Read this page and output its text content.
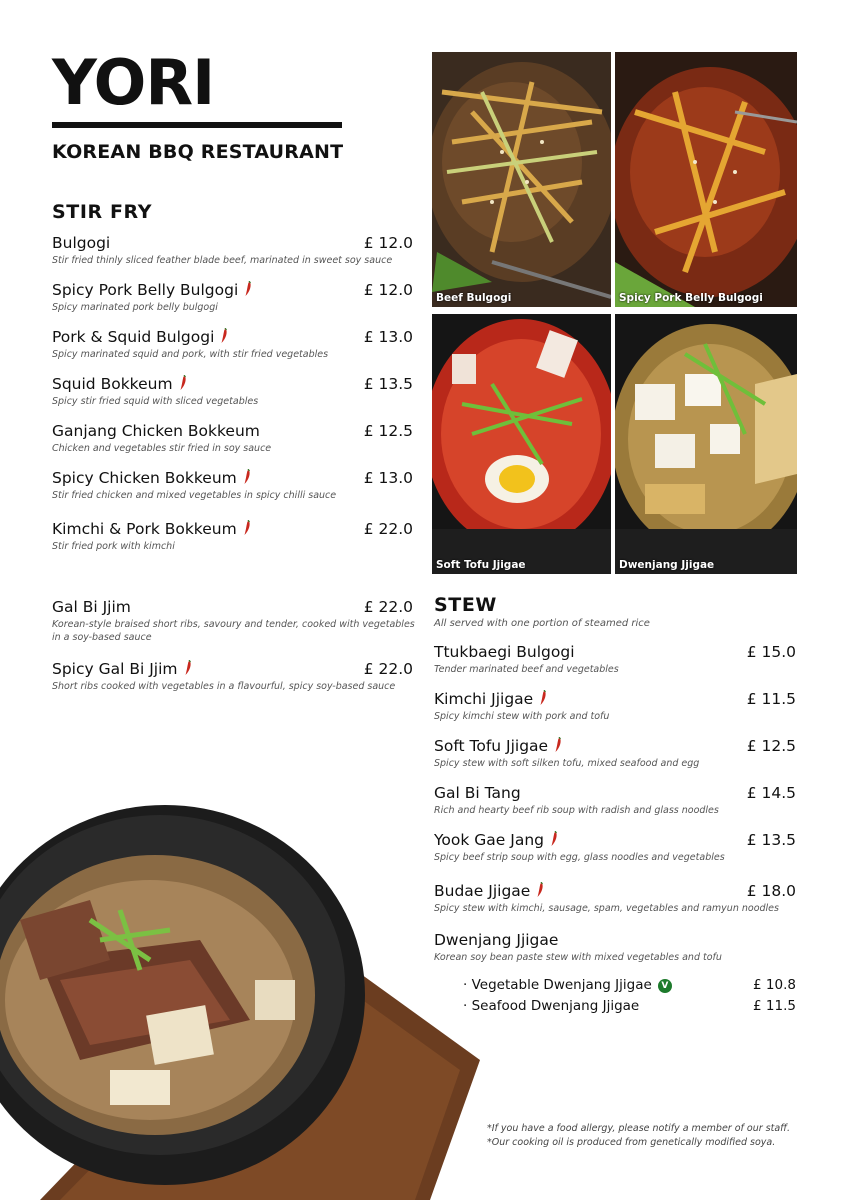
YORI
KOREAN BBQ RESTAURANT
STIR FRY
Bulgogi	£ 12.0
Stir fried thinly sliced feather blade beef, marinated in sweet soy sauce
Spicy Pork Belly Bulgogi	£ 12.0
Spicy marinated pork belly bulgogi
Pork & Squid Bulgogi	£ 13.0
Spicy marinated squid and pork, with stir fried vegetables
Squid Bokkeum	£ 13.5
Spicy stir fried squid with sliced vegetables
Ganjang Chicken Bokkeum	£ 12.5
Chicken and vegetables stir fried in soy sauce
Spicy Chicken Bokkeum	£ 13.0
Stir fried chicken and mixed vegetables in spicy chilli sauce
Kimchi & Pork Bokkeum	£ 22.0
Stir fried pork with kimchi
Gal Bi Jjim	£ 22.0
Korean-style braised short ribs, savoury and tender, cooked with vegetables in a soy-based sauce
Spicy Gal Bi Jjim	£ 22.0
Short ribs cooked with vegetables in a flavourful, spicy soy-based sauce
Beef Bulgogi	Spicy Pork Belly Bulgogi
Soft Tofu Jjigae	Dwenjang Jjigae
STEW
All served with one portion of steamed rice
Ttukbaegi Bulgogi	£ 15.0
Tender marinated beef and vegetables
Kimchi Jjigae	£ 11.5
Spicy kimchi stew with pork and tofu
Soft Tofu Jjigae	£ 12.5
Spicy stew with soft silken tofu, mixed seafood and egg
Gal Bi Tang	£ 14.5
Rich and hearty beef rib soup with radish and glass noodles
Yook Gae Jang	£ 13.5
Spicy beef strip soup with egg, glass noodles and vegetables
Budae Jjigae	£ 18.0
Spicy stew with kimchi, sausage, spam, vegetables and ramyun noodles
Dwenjang Jjigae
Korean soy bean paste stew with mixed vegetables and tofu
· Vegetable Dwenjang Jjigae V	£ 10.8
· Seafood Dwenjang Jjigae	£ 11.5
*If you have a food allergy, please notify a member of our staff.
*Our cooking oil is produced from genetically modified soya.
